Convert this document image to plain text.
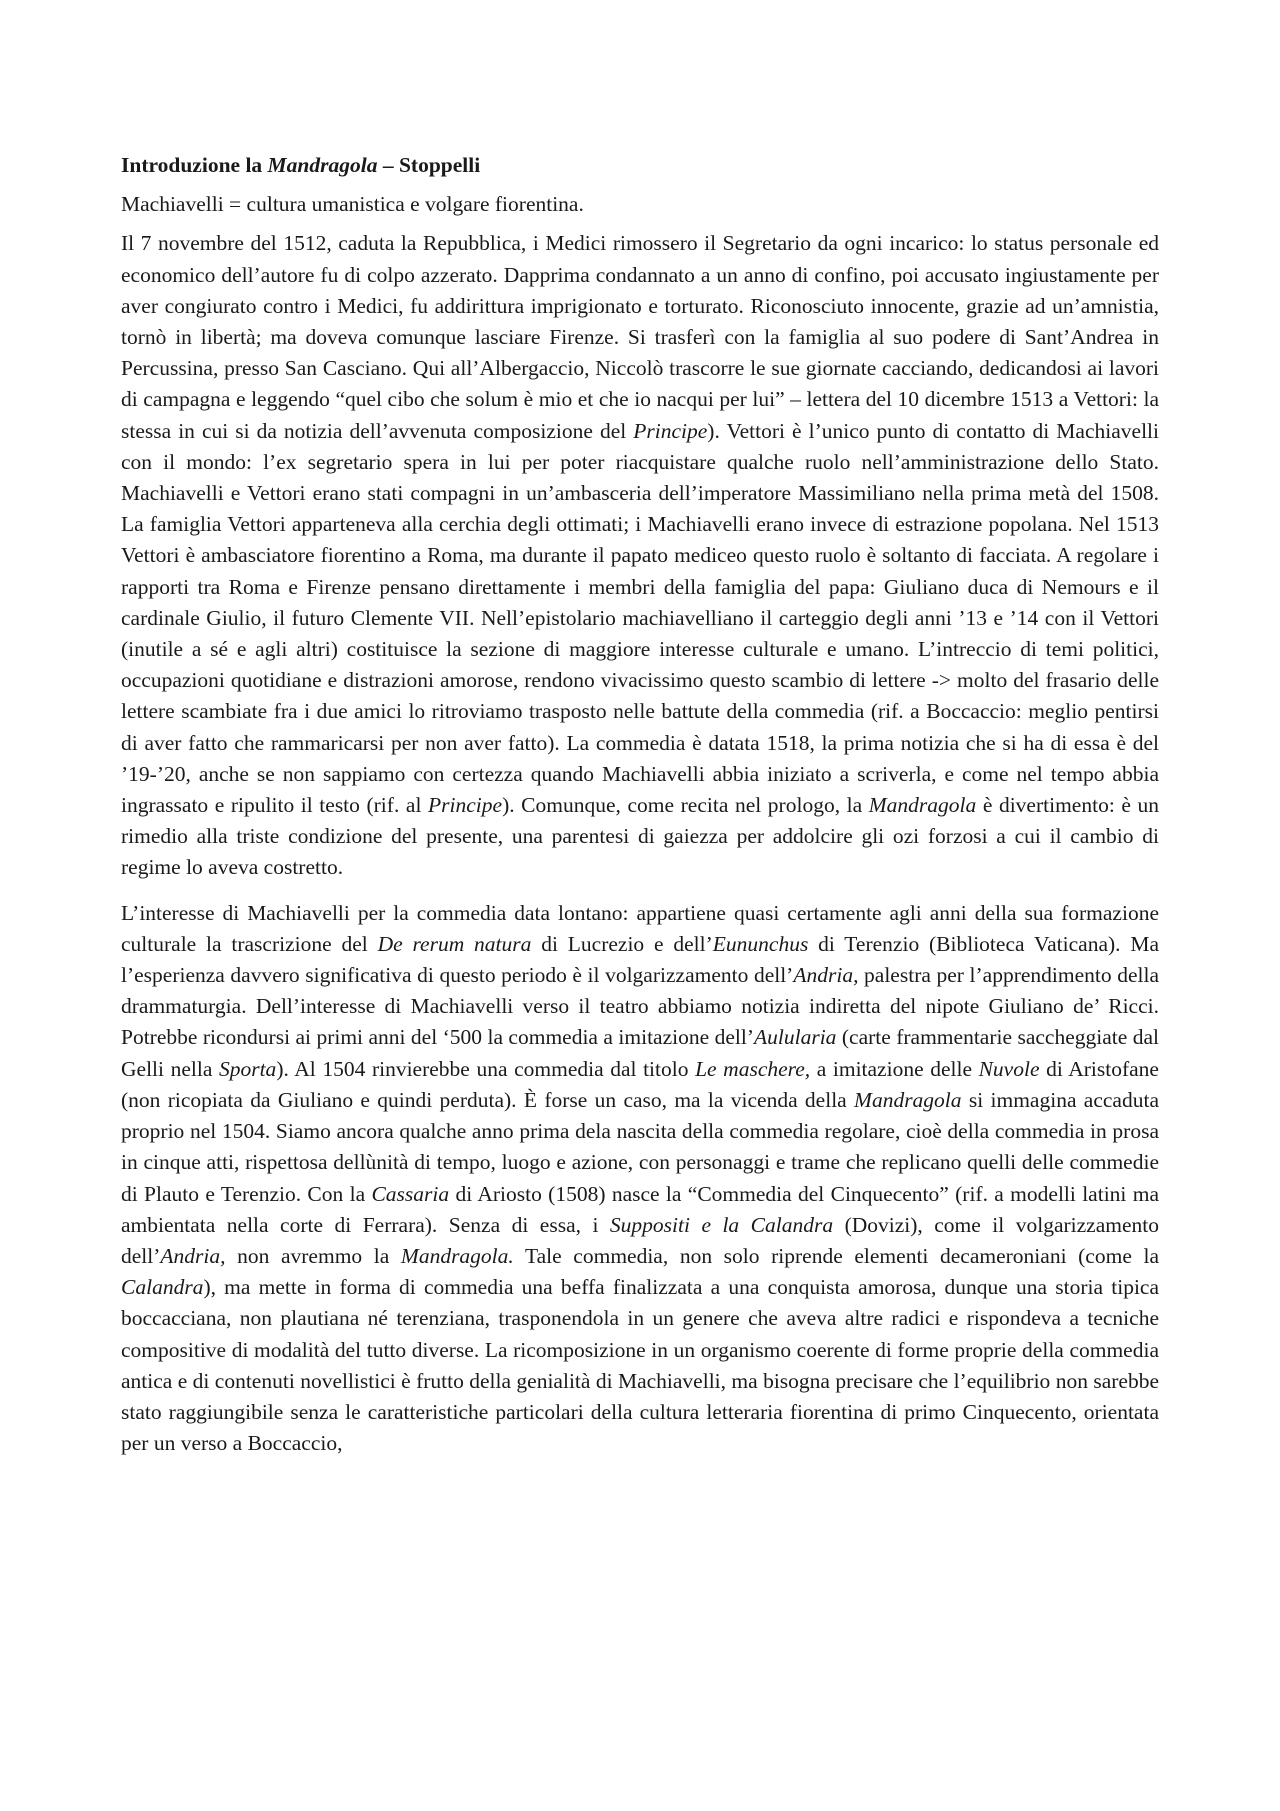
Introduzione la Mandragola – Stoppelli

Machiavelli = cultura umanistica e volgare fiorentina.

Il 7 novembre del 1512, caduta la Repubblica, i Medici rimossero il Segretario da ogni incarico: lo status personale ed economico dell’autore fu di colpo azzerato. Dapprima condannato a un anno di confino, poi accusato ingiustamente per aver congiurato contro i Medici, fu addirittura imprigionato e torturato. Riconosciuto innocente, grazie ad un’amnistia, tornò in libertà; ma doveva comunque lasciare Firenze. Si trasferì con la famiglia al suo podere di Sant’Andrea in Percussina, presso San Casciano. Qui all’Albergaccio, Niccolò trascorre le sue giornate cacciando, dedicandosi ai lavori di campagna e leggendo “quel cibo che solum è mio et che io nacqui per lui” – lettera del 10 dicembre 1513 a Vettori: la stessa in cui si da notizia dell’avvenuta composizione del Principe). Vettori è l’unico punto di contatto di Machiavelli con il mondo: l’ex segretario spera in lui per poter riacquistare qualche ruolo nell’amministrazione dello Stato. Machiavelli e Vettori erano stati compagni in un’ambasceria dell’imperatore Massimiliano nella prima metà del 1508. La famiglia Vettori apparteneva alla cerchia degli ottimati; i Machiavelli erano invece di estrazione popolana. Nel 1513 Vettori è ambasciatore fiorentino a Roma, ma durante il papato mediceo questo ruolo è soltanto di facciata. A regolare i rapporti tra Roma e Firenze pensano direttamente i membri della famiglia del papa: Giuliano duca di Nemours e il cardinale Giulio, il futuro Clemente VII. Nell’epistolario machiavelliano il carteggio degli anni ’13 e ’14 con il Vettori (inutile a sé e agli altri) costituisce la sezione di maggiore interesse culturale e umano. L’intreccio di temi politici, occupazioni quotidiane e distrazioni amorose, rendono vivacissimo questo scambio di lettere -> molto del frasario delle lettere scambiate fra i due amici lo ritroviamo trasposto nelle battute della commedia (rif. a Boccaccio: meglio pentirsi di aver fatto che rammaricarsi per non aver fatto). La commedia è datata 1518, la prima notizia che si ha di essa è del ’19-’20, anche se non sappiamo con certezza quando Machiavelli abbia iniziato a scriverla, e come nel tempo abbia ingrassato e ripulito il testo (rif. al Principe). Comunque, come recita nel prologo, la Mandragola è divertimento: è un rimedio alla triste condizione del presente, una parentesi di gaiezza per addolcire gli ozi forzosi a cui il cambio di regime lo aveva costretto.

L’interesse di Machiavelli per la commedia data lontano: appartiene quasi certamente agli anni della sua formazione culturale la trascrizione del De rerum natura di Lucrezio e dell’Eununchus di Terenzio (Biblioteca Vaticana). Ma l’esperienza davvero significativa di questo periodo è il volgarizzamento dell’Andria, palestra per l’apprendimento della drammaturgia. Dell’interesse di Machiavelli verso il teatro abbiamo notizia indiretta del nipote Giuliano de’ Ricci. Potrebbe ricondursi ai primi anni del ‘500 la commedia a imitazione dell’Aulularia (carte frammentarie saccheggiate dal Gelli nella Sporta). Al 1504 rinvierebbe una commedia dal titolo Le maschere, a imitazione delle Nuvole di Aristofane (non ricopiata da Giuliano e quindi perduta). È forse un caso, ma la vicenda della Mandragola si immagina accaduta proprio nel 1504. Siamo ancora qualche anno prima dela nascita della commedia regolare, cioè della commedia in prosa in cinque atti, rispettosa dellùnità di tempo, luogo e azione, con personaggi e trame che replicano quelli delle commedie di Plauto e Terenzio. Con la Cassaria di Ariosto (1508) nasce la “Commedia del Cinquecento” (rif. a modelli latini ma ambientata nella corte di Ferrara). Senza di essa, i Suppositi e la Calandra (Dovizi), come il volgarizzamento dell’Andria, non avremmo la Mandragola. Tale commedia, non solo riprende elementi decameroniani (come la Calandra), ma mette in forma di commedia una beffa finalizzata a una conquista amorosa, dunque una storia tipica boccacciana, non plautiana né terenziana, trasponendola in un genere che aveva altre radici e rispondeva a tecniche compositive di modalità del tutto diverse. La ricomposizione in un organismo coerente di forme proprie della commedia antica e di contenuti novellistici è frutto della genialità di Machiavelli, ma bisogna precisare che l’equilibrio non sarebbe stato raggiungibile senza le caratteristiche particolari della cultura letteraria fiorentina di primo Cinquecento, orientata per un verso a Boccaccio,
